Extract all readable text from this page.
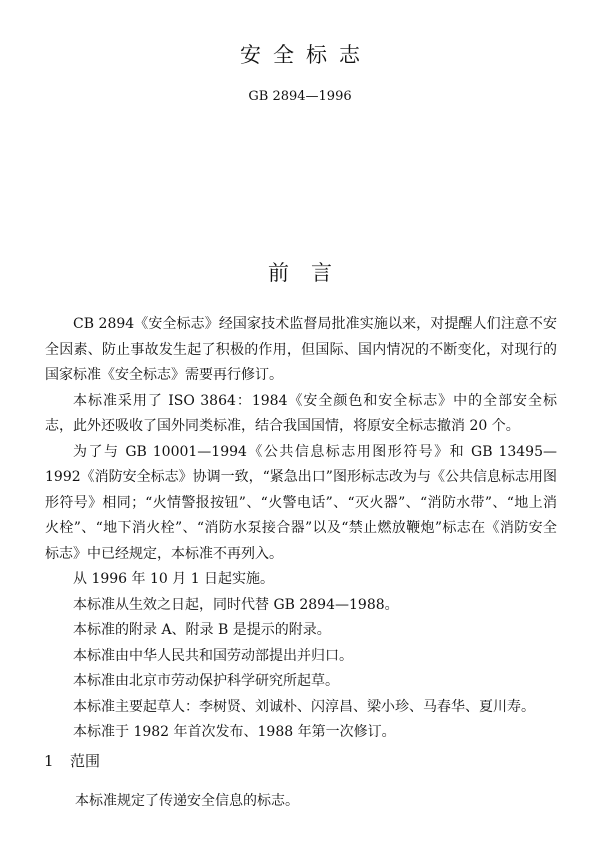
安全标志
GB 2894—1996
前言

CB 2894《安全标志》经国家技术监督局批准实施以来，对提醒人们注意不安全因素、防止事故发生起了积极的作用，但国际、国内情况的不断变化，对现行的国家标准《安全标志》需要再行修订。

本标准采用了 ISO 3864：1984《安全颜色和安全标志》中的全部安全标志，此外还吸收了国外同类标准，结合我国国情，将原安全标志撤消 20 个。

为了与 GB 10001—1994《公共信息标志用图形符号》和 GB 13495—1992《消防安全标志》协调一致，“紧急出口”图形标志改为与《公共信息标志用图形符号》相同；“火情警报按钮”、“火警电话”、“灭火器”、“消防水带”、“地上消火栓”、“地下消火栓”、“消防水泵接合器”以及“禁止燃放鞭炮”标志在《消防安全标志》中已经规定，本标准不再列入。

从 1996 年 10 月 1 日起实施。

本标准从生效之日起，同时代替 GB 2894—1988。

本标准的附录 A、附录 B 是提示的附录。

本标准由中华人民共和国劳动部提出并归口。

本标准由北京市劳动保护科学研究所起草。

本标准主要起草人：李树贤、刘诚朴、闪淳昌、梁小珍、马春华、夏川寿。

本标准于 1982 年首次发布、1988 年第一次修订。

1 范围
本标准规定了传递安全信息的标志。
